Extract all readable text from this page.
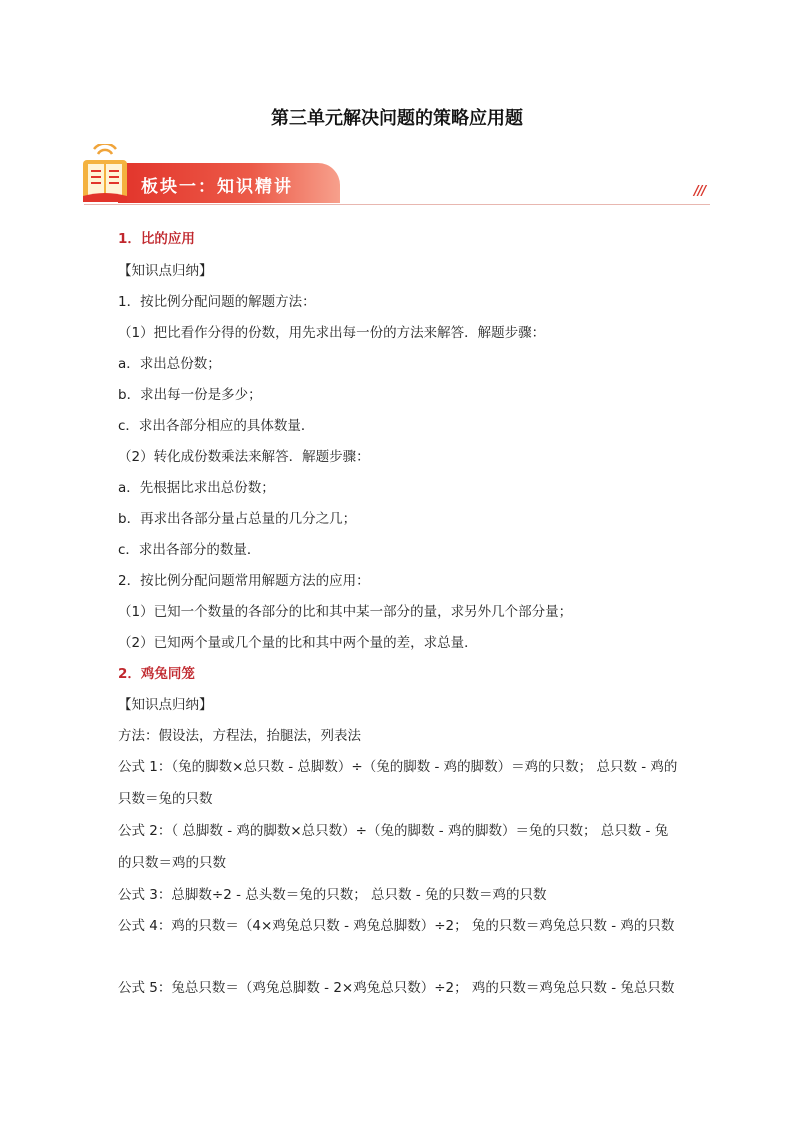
第三单元解决问题的策略应用题
板块一：知识精讲	///
1．比的应用
【知识点归纳】
1．按比例分配问题的解题方法：
（1）把比看作分得的份数，用先求出每一份的方法来解答．解题步骤：
a．求出总份数；
b．求出每一份是多少；
c．求出各部分相应的具体数量．
（2）转化成份数乘法来解答．解题步骤：
a．先根据比求出总份数；
b．再求出各部分量占总量的几分之几；
c．求出各部分的数量．
2．按比例分配问题常用解题方法的应用：
（1）已知一个数量的各部分的比和其中某一部分的量，求另外几个部分量；
（2）已知两个量或几个量的比和其中两个量的差，求总量．
2．鸡兔同笼
【知识点归纳】
方法：假设法，方程法，抬腿法，列表法
公式 1：（兔的脚数×总只数 - 总脚数）÷（兔的脚数 - 鸡的脚数）＝鸡的只数； 总只数 - 鸡的只数＝兔的只数
公式 2：（ 总脚数 - 鸡的脚数×总只数）÷（兔的脚数 - 鸡的脚数）＝兔的只数； 总只数 - 兔的只数＝鸡的只数
公式 3：总脚数÷2 - 总头数＝兔的只数； 总只数 - 兔的只数＝鸡的只数
公式 4：鸡的只数＝（4×鸡兔总只数 - 鸡兔总脚数）÷2； 兔的只数＝鸡兔总只数 - 鸡的只数
公式 5：兔总只数＝（鸡兔总脚数 - 2×鸡兔总只数）÷2； 鸡的只数＝鸡兔总只数 - 兔总只数
